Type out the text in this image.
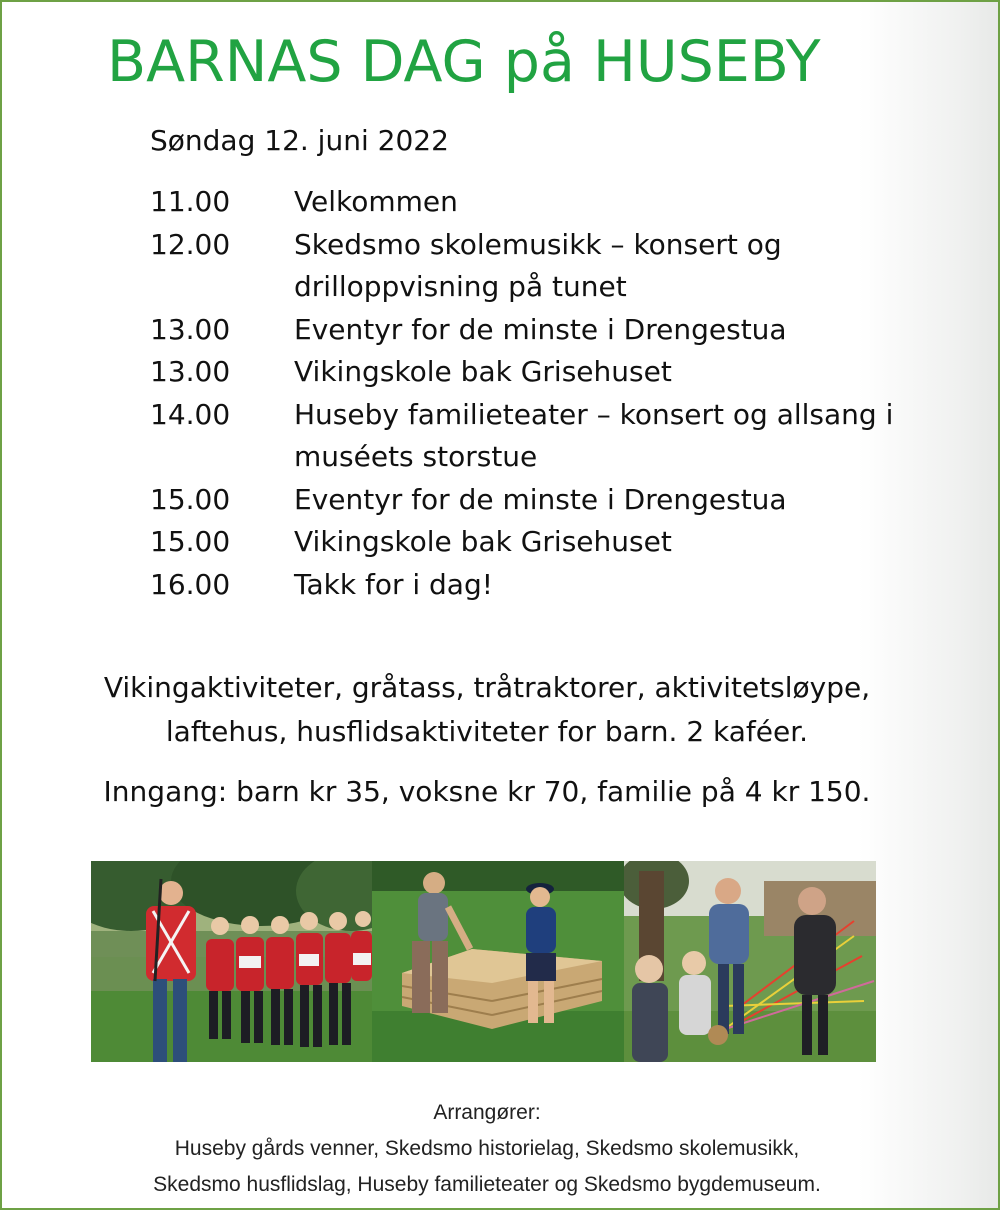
BARNAS DAG på HUSEBY
Søndag 12. juni 2022
11.00	Velkommen
12.00	Skedsmo skolemusikk – konsert og
drilloppvisning på tunet
13.00	Eventyr for de minste i Drengestua
13.00	Vikingskole bak Grisehuset
14.00	Huseby familieteater – konsert og allsang i
muséets storstue
15.00	Eventyr for de minste i Drengestua
15.00	Vikingskole bak Grisehuset
16.00	Takk for i dag!
Vikingaktiviteter, gråtass, tråtraktorer, aktivitetsløype,
laftehus, husflidsaktiviteter for barn. 2 kaféer.
Inngang: barn kr 35, voksne kr 70, familie på 4 kr 150.
Arrangører:
Huseby gårds venner, Skedsmo historielag, Skedsmo skolemusikk,
Skedsmo husflidslag, Huseby familieteater og Skedsmo bygdemuseum.
